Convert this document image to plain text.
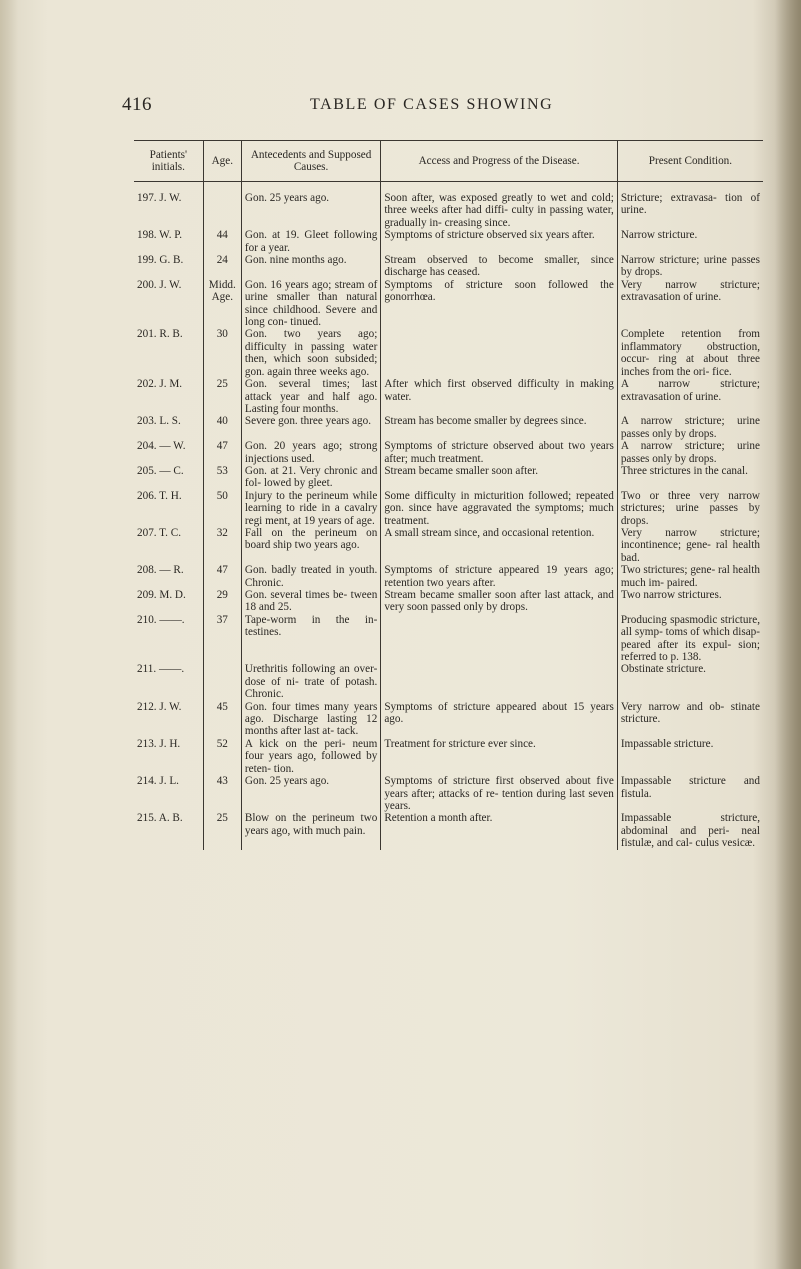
416	TABLE OF CASES SHOWING
Patients' initials.	Age.	Antecedents and Supposed Causes.	Access and Progress of the Disease.	Present Condition.
197. J. W.		Gon. 25 years ago.	Soon after, was exposed greatly to wet and cold; three weeks after had diffi- culty in passing water, gradually in- creasing since.	Stricture; extravasa- tion of urine.
198. W. P.	44	Gon. at 19. Gleet following for a year.	Symptoms of stricture observed six years after.	Narrow stricture.
199. G. B.	24	Gon. nine months ago.	Stream observed to become smaller, since discharge has ceased.	Narrow stricture; urine passes by drops.
200. J. W.	Midd. Age.	Gon. 16 years ago; stream of urine smaller than natural since childhood. Severe and long con- tinued.	Symptoms of stricture soon followed the gonorrhœa.	Very narrow stricture; extravasation of urine.
201. R. B.	30	Gon. two years ago; difficulty in passing water then, which soon subsided; gon. again three weeks ago.		Complete retention from inflammatory obstruction, occur- ring at about three inches from the ori- fice.
202. J. M.	25	Gon. several times; last attack year and half ago. Lasting four months.	After which first observed difficulty in making water.	A narrow stricture; extravasation of urine.
203. L. S.	40	Severe gon. three years ago.	Stream has become smaller by degrees since.	A narrow stricture; urine passes only by drops.
204. — W.	47	Gon. 20 years ago; strong injections used.	Symptoms of stricture observed about two years after; much treatment.	A narrow stricture; urine passes only by drops.
205. — C.	53	Gon. at 21. Very chronic and fol- lowed by gleet.	Stream became smaller soon after.	Three strictures in the canal.
206. T. H.	50	Injury to the perineum while learning to ride in a cavalry regi ment, at 19 years of age.	Some difficulty in micturition followed; repeated gon. since have aggravated the symptoms; much treatment.	Two or three very narrow strictures; urine passes by drops.
207. T. C.	32	Fall on the perineum on board ship two years ago.	A small stream since, and occasional retention.	Very narrow stricture; incontinence; gene- ral health bad.
208. — R.	47	Gon. badly treated in youth. Chronic.	Symptoms of stricture appeared 19 years ago; retention two years after.	Two strictures; gene- ral health much im- paired.
209. M. D.	29	Gon. several times be- tween 18 and 25.	Stream became smaller soon after last attack, and very soon passed only by drops.	Two narrow strictures.
210. ——.	37	Tape-worm in the in- testines.		Producing spasmodic stricture, all symp- toms of which disap- peared after its expul- sion; referred to p. 138.
211. ——.		Urethritis following an over-dose of ni- trate of potash. Chronic.		Obstinate stricture.
212. J. W.	45	Gon. four times many years ago. Discharge lasting 12 months after last at- tack.	Symptoms of stricture appeared about 15 years ago.	Very narrow and ob- stinate stricture.
213. J. H.	52	A kick on the peri- neum four years ago, followed by reten- tion.	Treatment for stricture ever since.	Impassable stricture.
214. J. L.	43	Gon. 25 years ago.	Symptoms of stricture first observed about five years after; attacks of re- tention during last seven years.	Impassable stricture and fistula.
215. A. B.	25	Blow on the perineum two years ago, with much pain.	Retention a month after.	Impassable stricture, abdominal and peri- neal fistulæ, and cal- culus vesicæ.
